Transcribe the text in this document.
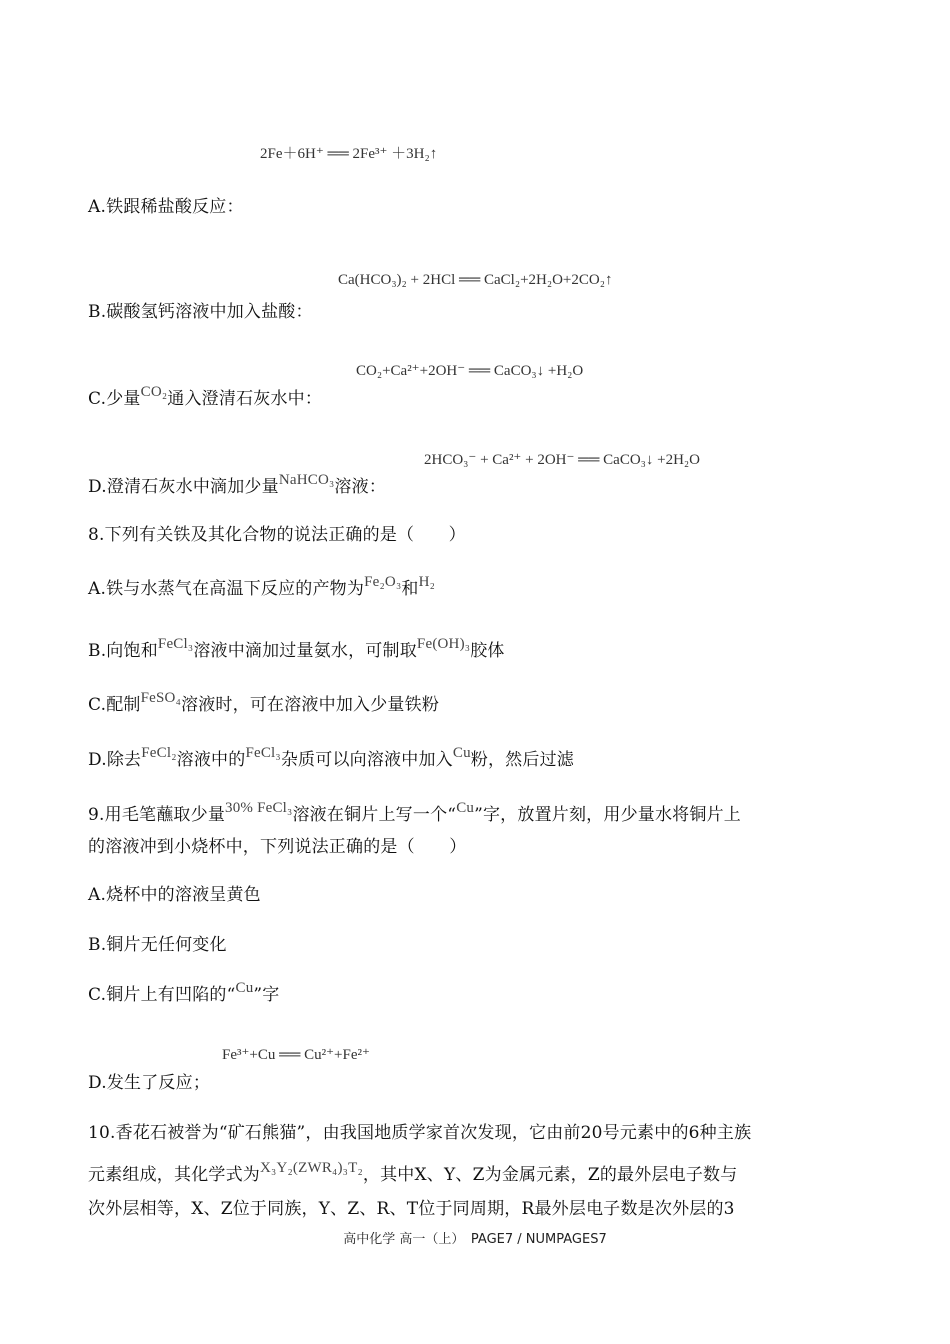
2Fe＋6H⁺ ══ 2Fe³⁺ ＋3H₂↑
A.铁跟稀盐酸反应：
Ca(HCO₃)₂ + 2HCl ══ CaCl₂+2H₂O+2CO₂↑
B.碳酸氢钙溶液中加入盐酸：
CO₂+Ca²⁺+2OH⁻ ══ CaCO₃↓ +H₂O
C.少量CO₂通入澄清石灰水中：
2HCO₃⁻ + Ca²⁺ + 2OH⁻ ══ CaCO₃↓ +2H₂O
D.澄清石灰水中滴加少量NaHCO₃溶液：
8.下列有关铁及其化合物的说法正确的是（　　）
A.铁与水蒸气在高温下反应的产物为Fe₂O₃和H₂
B.向饱和FeCl₃溶液中滴加过量氨水，可制取Fe(OH)₃胶体
C.配制FeSO₄溶液时，可在溶液中加入少量铁粉
D.除去FeCl₂溶液中的FeCl₃杂质可以向溶液中加入Cu粉，然后过滤
9.用毛笔蘸取少量30% FeCl₃溶液在铜片上写一个“Cu”字，放置片刻，用少量水将铜片上
的溶液冲到小烧杯中，下列说法正确的是（　　）
A.烧杯中的溶液呈黄色
B.铜片无任何变化
C.铜片上有凹陷的“Cu”字
Fe³⁺+Cu ══ Cu²⁺+Fe²⁺
D.发生了反应；
10.香花石被誉为“矿石熊猫”，由我国地质学家首次发现，它由前20号元素中的6种主族
元素组成，其化学式为X₃Y₂(ZWR₄)₃T₂，其中X、Y、Z为金属元素，Z的最外层电子数与
次外层相等，X、Z位于同族，Y、Z、R、T位于同周期，R最外层电子数是次外层的3
高中化学 高一（上）　PAGE7 / NUMPAGES7
